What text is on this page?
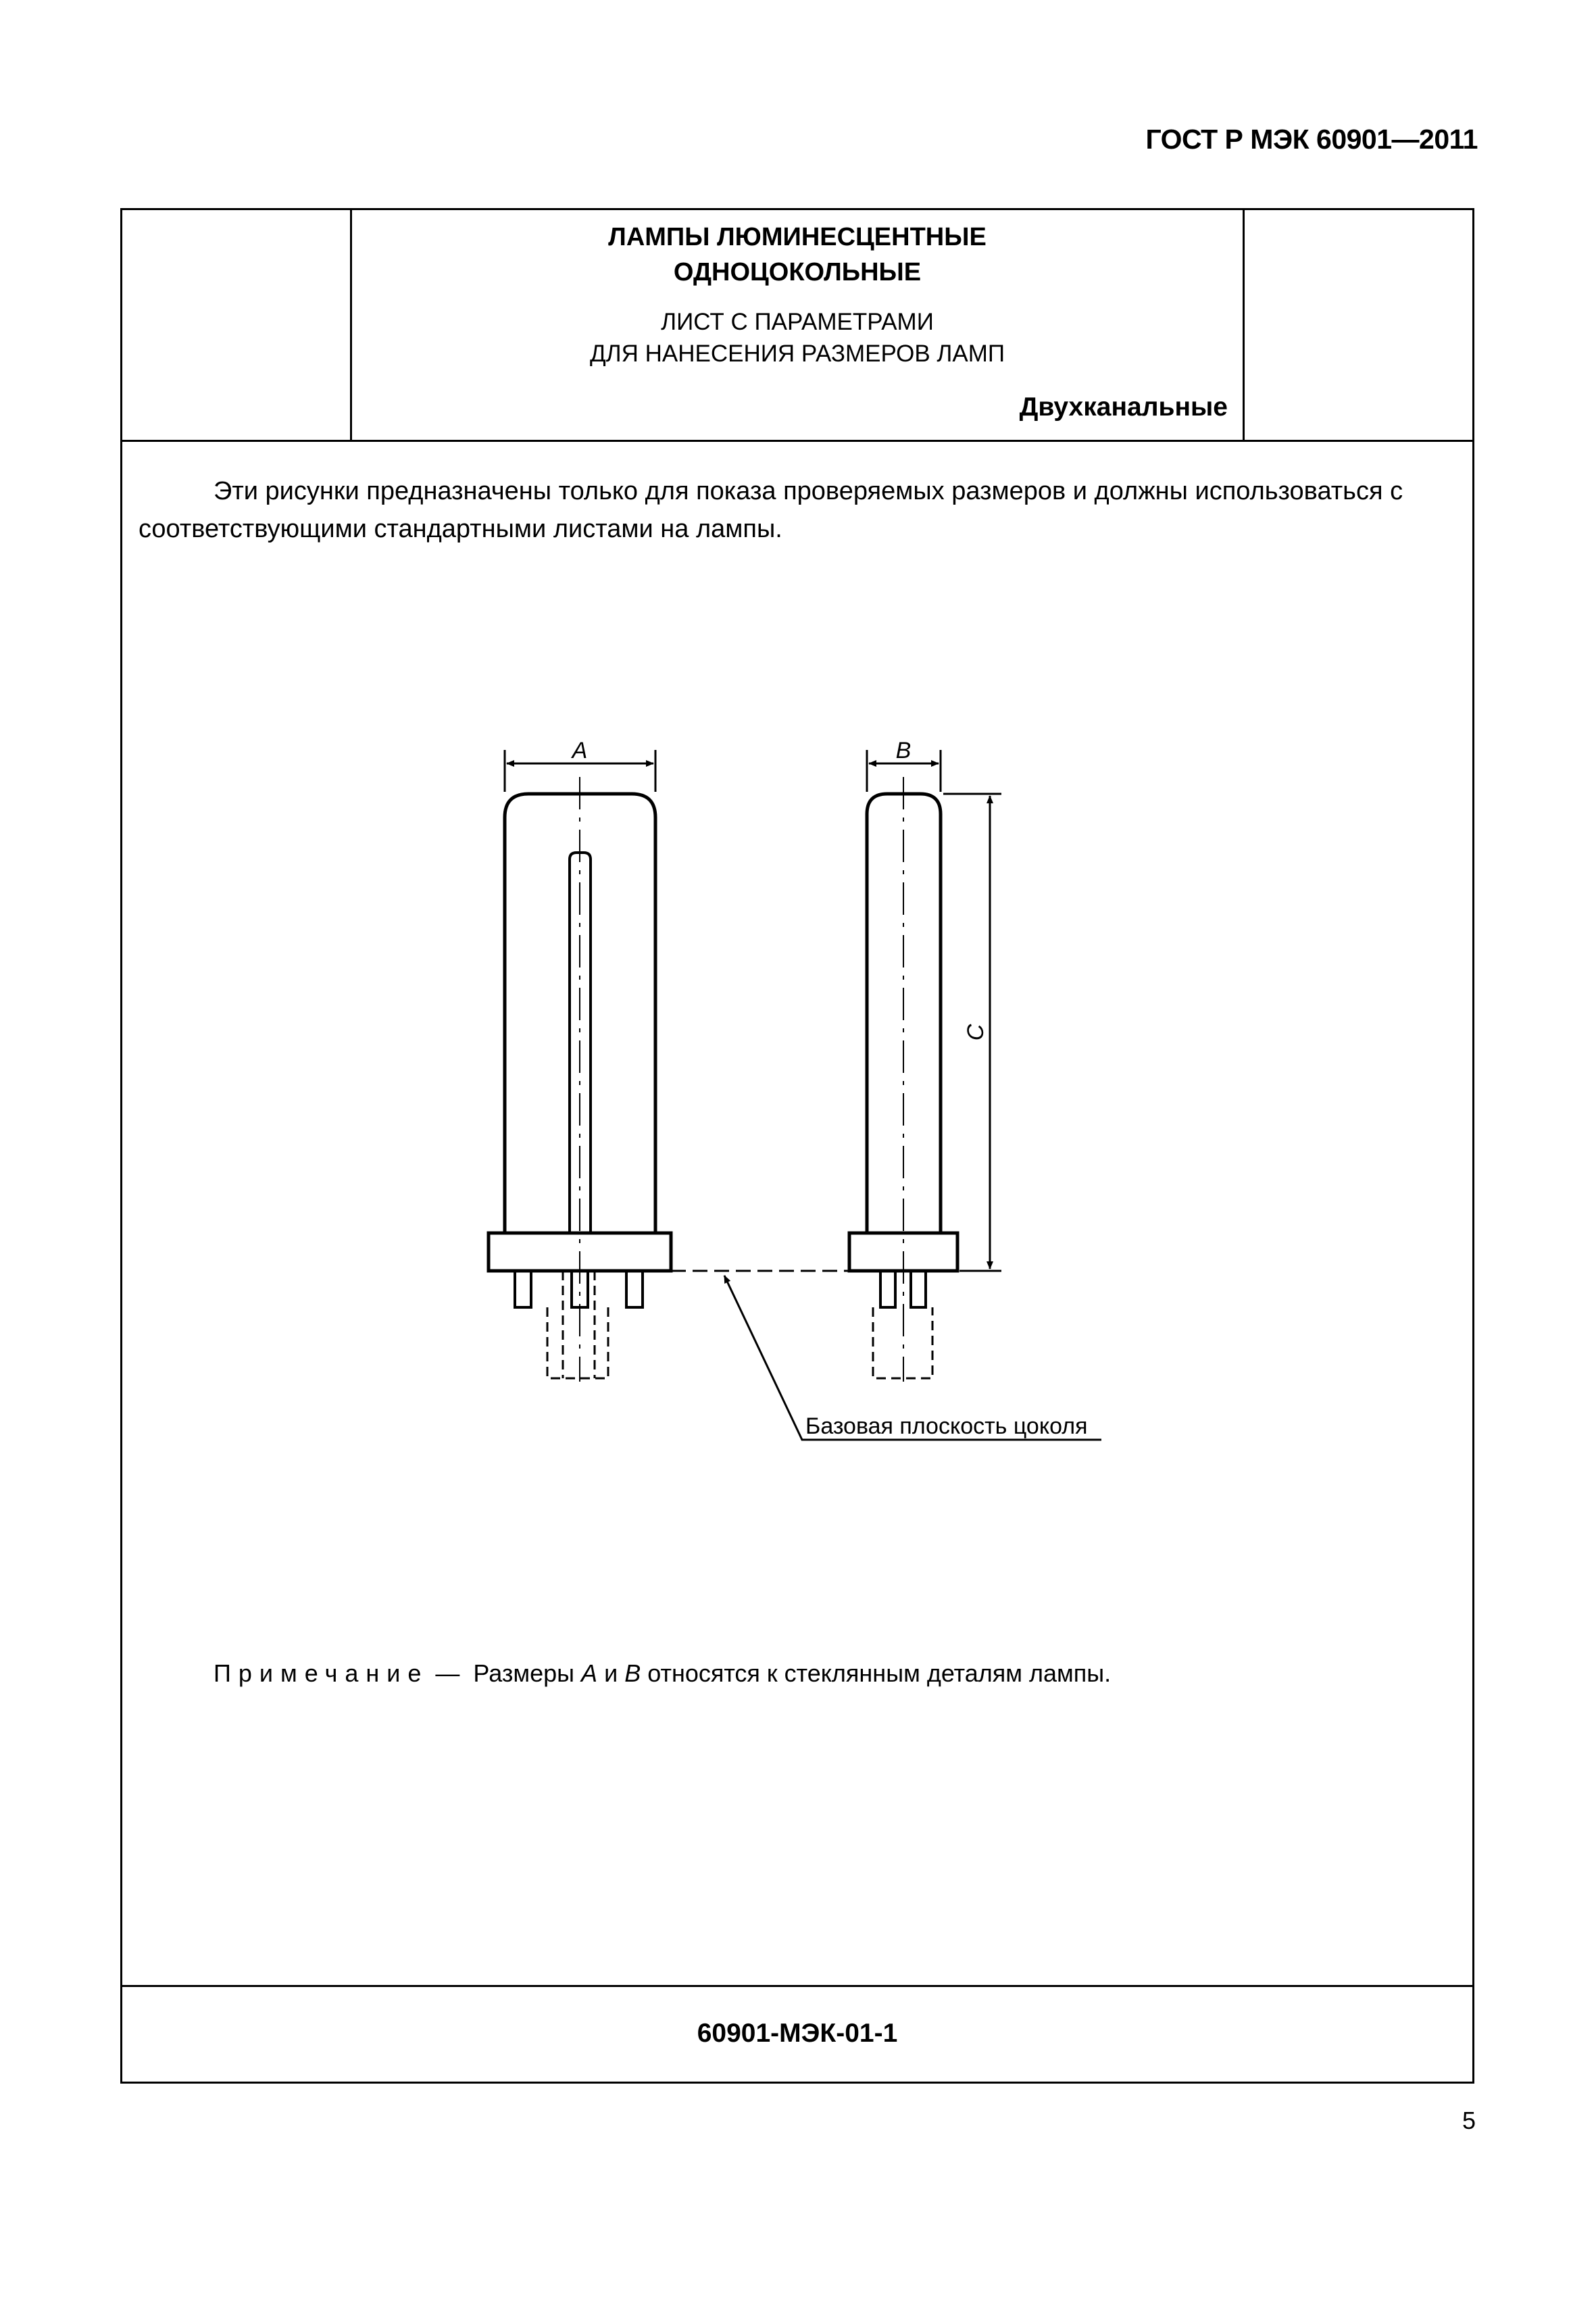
ГОСТ Р МЭК 60901—2011
ЛАМПЫ ЛЮМИНЕСЦЕНТНЫЕ
ОДНОЦОКОЛЬНЫЕ
ЛИСТ С ПАРАМЕТРАМИ
ДЛЯ НАНЕСЕНИЯ РАЗМЕРОВ ЛАМП
Двухканальные
Эти рисунки предназначены только для показа проверяемых размеров и должны использоваться с соответствующими стандартными листами на лампы.
Примечание — Размеры A и B относятся к стеклянным деталям лампы.
60901-МЭК-01-1
A	B
C
Базовая плоскость цоколя
5
